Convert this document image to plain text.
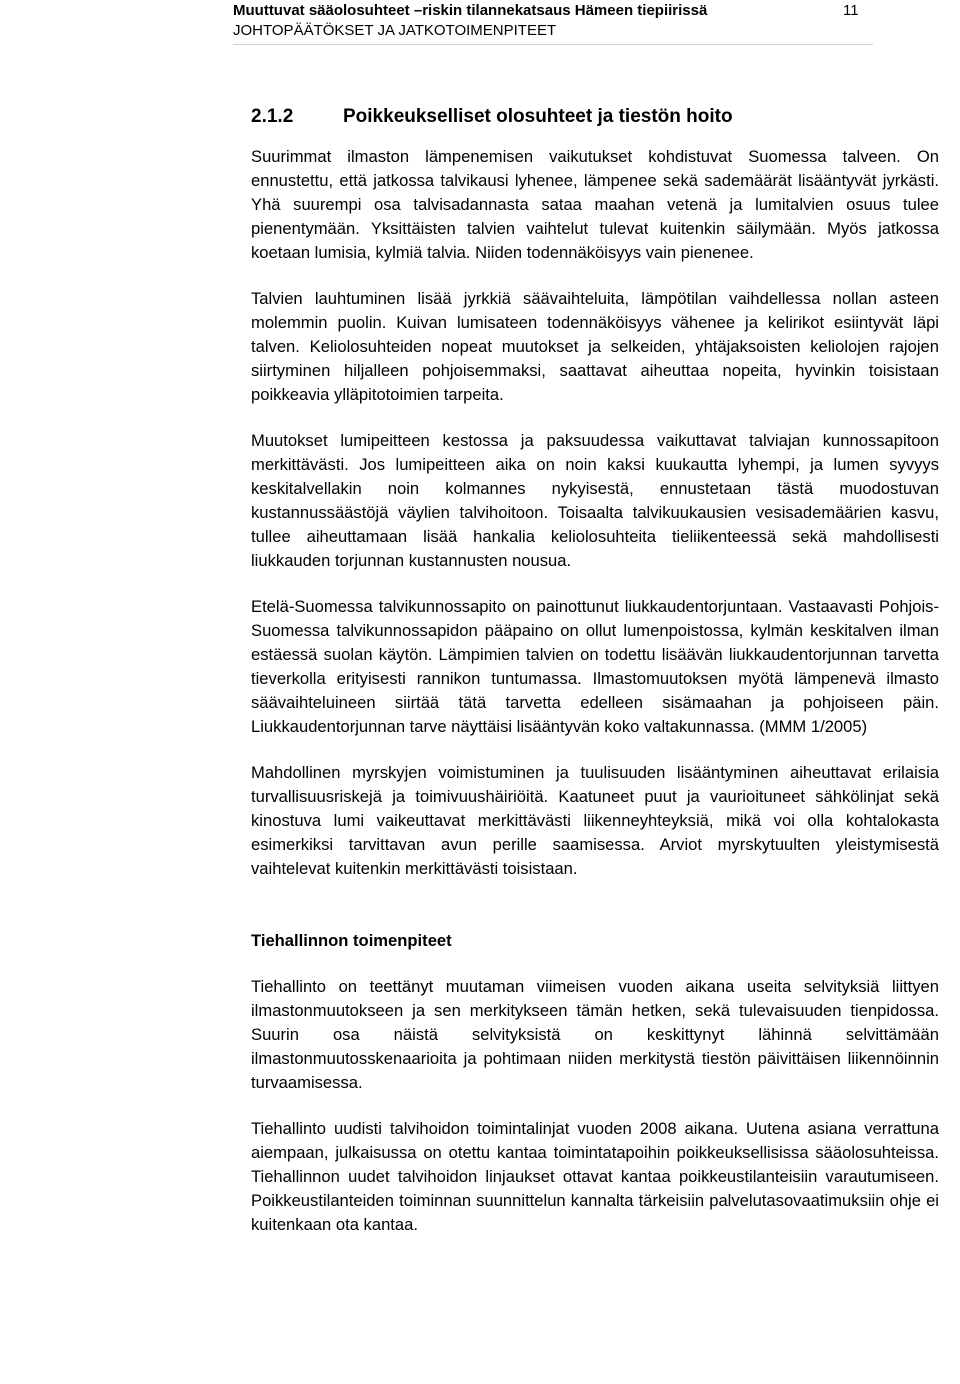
Muuttuvat sääolosuhteet –riskin tilannekatsaus Hämeen tiepiirissä	11
JOHTOPÄÄTÖKSET JA JATKOTOIMENPITEET
2.1.2	Poikkeukselliset olosuhteet ja tiestön hoito

Suurimmat ilmaston lämpenemisen vaikutukset kohdistuvat Suomessa talveen. On ennustettu, että jatkossa talvikausi lyhenee, lämpenee sekä sademäärät lisääntyvät jyrkästi. Yhä suurempi osa talvisadannasta sataa maahan vetenä ja lumitalvien osuus tulee pienentymään. Yksittäisten talvien vaihtelut tulevat kuitenkin säilymään. Myös jatkossa koetaan lumisia, kylmiä talvia. Niiden todennäköisyys vain pienenee.

Talvien lauhtuminen lisää jyrkkiä säävaihteluita, lämpötilan vaihdellessa nollan asteen molemmin puolin. Kuivan lumisateen todennäköisyys vähenee ja kelirikot esiintyvät läpi talven. Keliolosuhteiden nopeat muutokset ja selkeiden, yhtäjaksoisten keliolojen rajojen siirtyminen hiljalleen pohjoisemmaksi, saattavat aiheuttaa nopeita, hyvinkin toisistaan poikkeavia ylläpitotoimien tarpeita.

Muutokset lumipeitteen kestossa ja paksuudessa vaikuttavat talviajan kunnossapitoon merkittävästi. Jos lumipeitteen aika on noin kaksi kuukautta lyhempi, ja lumen syvyys keskitalvellakin noin kolmannes nykyisestä, ennustetaan tästä muodostuvan kustannussäästöjä väylien talvihoitoon. Toisaalta talvikuukausien vesisademäärien kasvu, tullee aiheuttamaan lisää hankalia keliolosuhteita tieliikenteessä sekä mahdollisesti liukkauden torjunnan kustannusten nousua.

Etelä-Suomessa talvikunnossapito on painottunut liukkaudentorjuntaan. Vastaavasti Pohjois-Suomessa talvikunnossapidon pääpaino on ollut lumenpoistossa, kylmän keskitalven ilman estäessä suolan käytön. Lämpimien talvien on todettu lisäävän liukkaudentorjunnan tarvetta tieverkolla erityisesti rannikon tuntumassa. Ilmastomuutoksen myötä lämpenevä ilmasto säävaihteluineen siirtää tätä tarvetta edelleen sisämaahan ja pohjoiseen päin. Liukkaudentorjunnan tarve näyttäisi lisääntyvän koko valtakunnassa. (MMM 1/2005)

Mahdollinen myrskyjen voimistuminen ja tuulisuuden lisääntyminen aiheuttavat erilaisia turvallisuusriskejä ja toimivuushäiriöitä. Kaatuneet puut ja vaurioituneet sähkölinjat sekä kinostuva lumi vaikeuttavat merkittävästi liikenneyhteyksiä, mikä voi olla kohtalokasta esimerkiksi tarvittavan avun perille saamisessa. Arviot myrskytuulten yleistymisestä vaihtelevat kuitenkin merkittävästi toisistaan.

Tiehallinnon toimenpiteet

Tiehallinto on teettänyt muutaman viimeisen vuoden aikana useita selvityksiä liittyen ilmastonmuutokseen ja sen merkitykseen tämän hetken, sekä tulevaisuuden tienpidossa. Suurin osa näistä selvityksistä on keskittynyt lähinnä selvittämään ilmastonmuutosskenaarioita ja pohtimaan niiden merkitystä tiestön päivittäisen liikennöinnin turvaamisessa.

Tiehallinto uudisti talvihoidon toimintalinjat vuoden 2008 aikana. Uutena asiana verrattuna aiempaan, julkaisussa on otettu kantaa toimintatapoihin poikkeuksellisissa sääolosuhteissa. Tiehallinnon uudet talvihoidon linjaukset ottavat kantaa poikkeustilanteisiin varautumiseen. Poikkeustilanteiden toiminnan suunnittelun kannalta tärkeisiin palvelutasovaatimuksiin ohje ei kuitenkaan ota kantaa.
